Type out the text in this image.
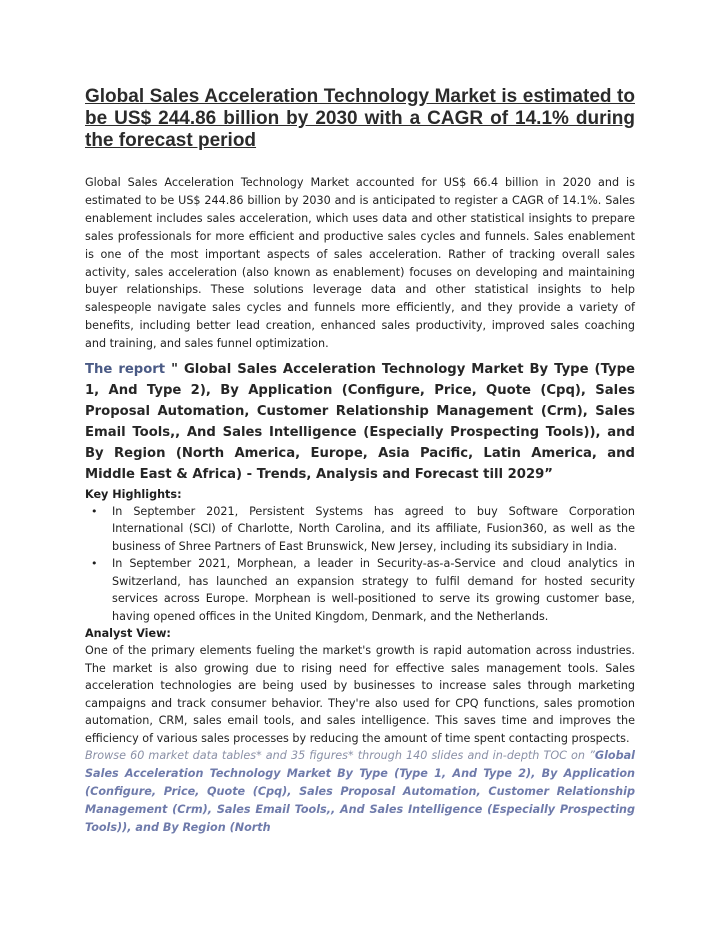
Global Sales Acceleration Technology Market is estimated to be US$ 244.86 billion by 2030 with a CAGR of 14.1% during the forecast period

Global Sales Acceleration Technology Market accounted for US$ 66.4 billion in 2020 and is estimated to be US$ 244.86 billion by 2030 and is anticipated to register a CAGR of 14.1%. Sales enablement includes sales acceleration, which uses data and other statistical insights to prepare sales professionals for more efficient and productive sales cycles and funnels. Sales enablement is one of the most important aspects of sales acceleration. Rather of tracking overall sales activity, sales acceleration (also known as enablement) focuses on developing and maintaining buyer relationships. These solutions leverage data and other statistical insights to help salespeople navigate sales cycles and funnels more efficiently, and they provide a variety of benefits, including better lead creation, enhanced sales productivity, improved sales coaching and training, and sales funnel optimization.

The report " Global Sales Acceleration Technology Market By Type (Type 1, And Type 2), By Application (Configure, Price, Quote (Cpq), Sales Proposal Automation, Customer Relationship Management (Crm), Sales Email Tools,, And Sales Intelligence (Especially Prospecting Tools)), and By Region (North America, Europe, Asia Pacific, Latin America, and Middle East & Africa) - Trends, Analysis and Forecast till 2029”

Key Highlights:

• In September 2021, Persistent Systems has agreed to buy Software Corporation International (SCI) of Charlotte, North Carolina, and its affiliate, Fusion360, as well as the business of Shree Partners of East Brunswick, New Jersey, including its subsidiary in India.
• In September 2021, Morphean, a leader in Security-as-a-Service and cloud analytics in Switzerland, has launched an expansion strategy to fulfil demand for hosted security services across Europe. Morphean is well-positioned to serve its growing customer base, having opened offices in the United Kingdom, Denmark, and the Netherlands.

Analyst View:

One of the primary elements fueling the market's growth is rapid automation across industries. The market is also growing due to rising need for effective sales management tools. Sales acceleration technologies are being used by businesses to increase sales through marketing campaigns and track consumer behavior. They're also used for CPQ functions, sales promotion automation, CRM, sales email tools, and sales intelligence. This saves time and improves the efficiency of various sales processes by reducing the amount of time spent contacting prospects.

Browse 60 market data tables* and 35 figures* through 140 slides and in-depth TOC on ”Global Sales Acceleration Technology Market By Type (Type 1, And Type 2), By Application (Configure, Price, Quote (Cpq), Sales Proposal Automation, Customer Relationship Management (Crm), Sales Email Tools,, And Sales Intelligence (Especially Prospecting Tools)), and By Region (North
